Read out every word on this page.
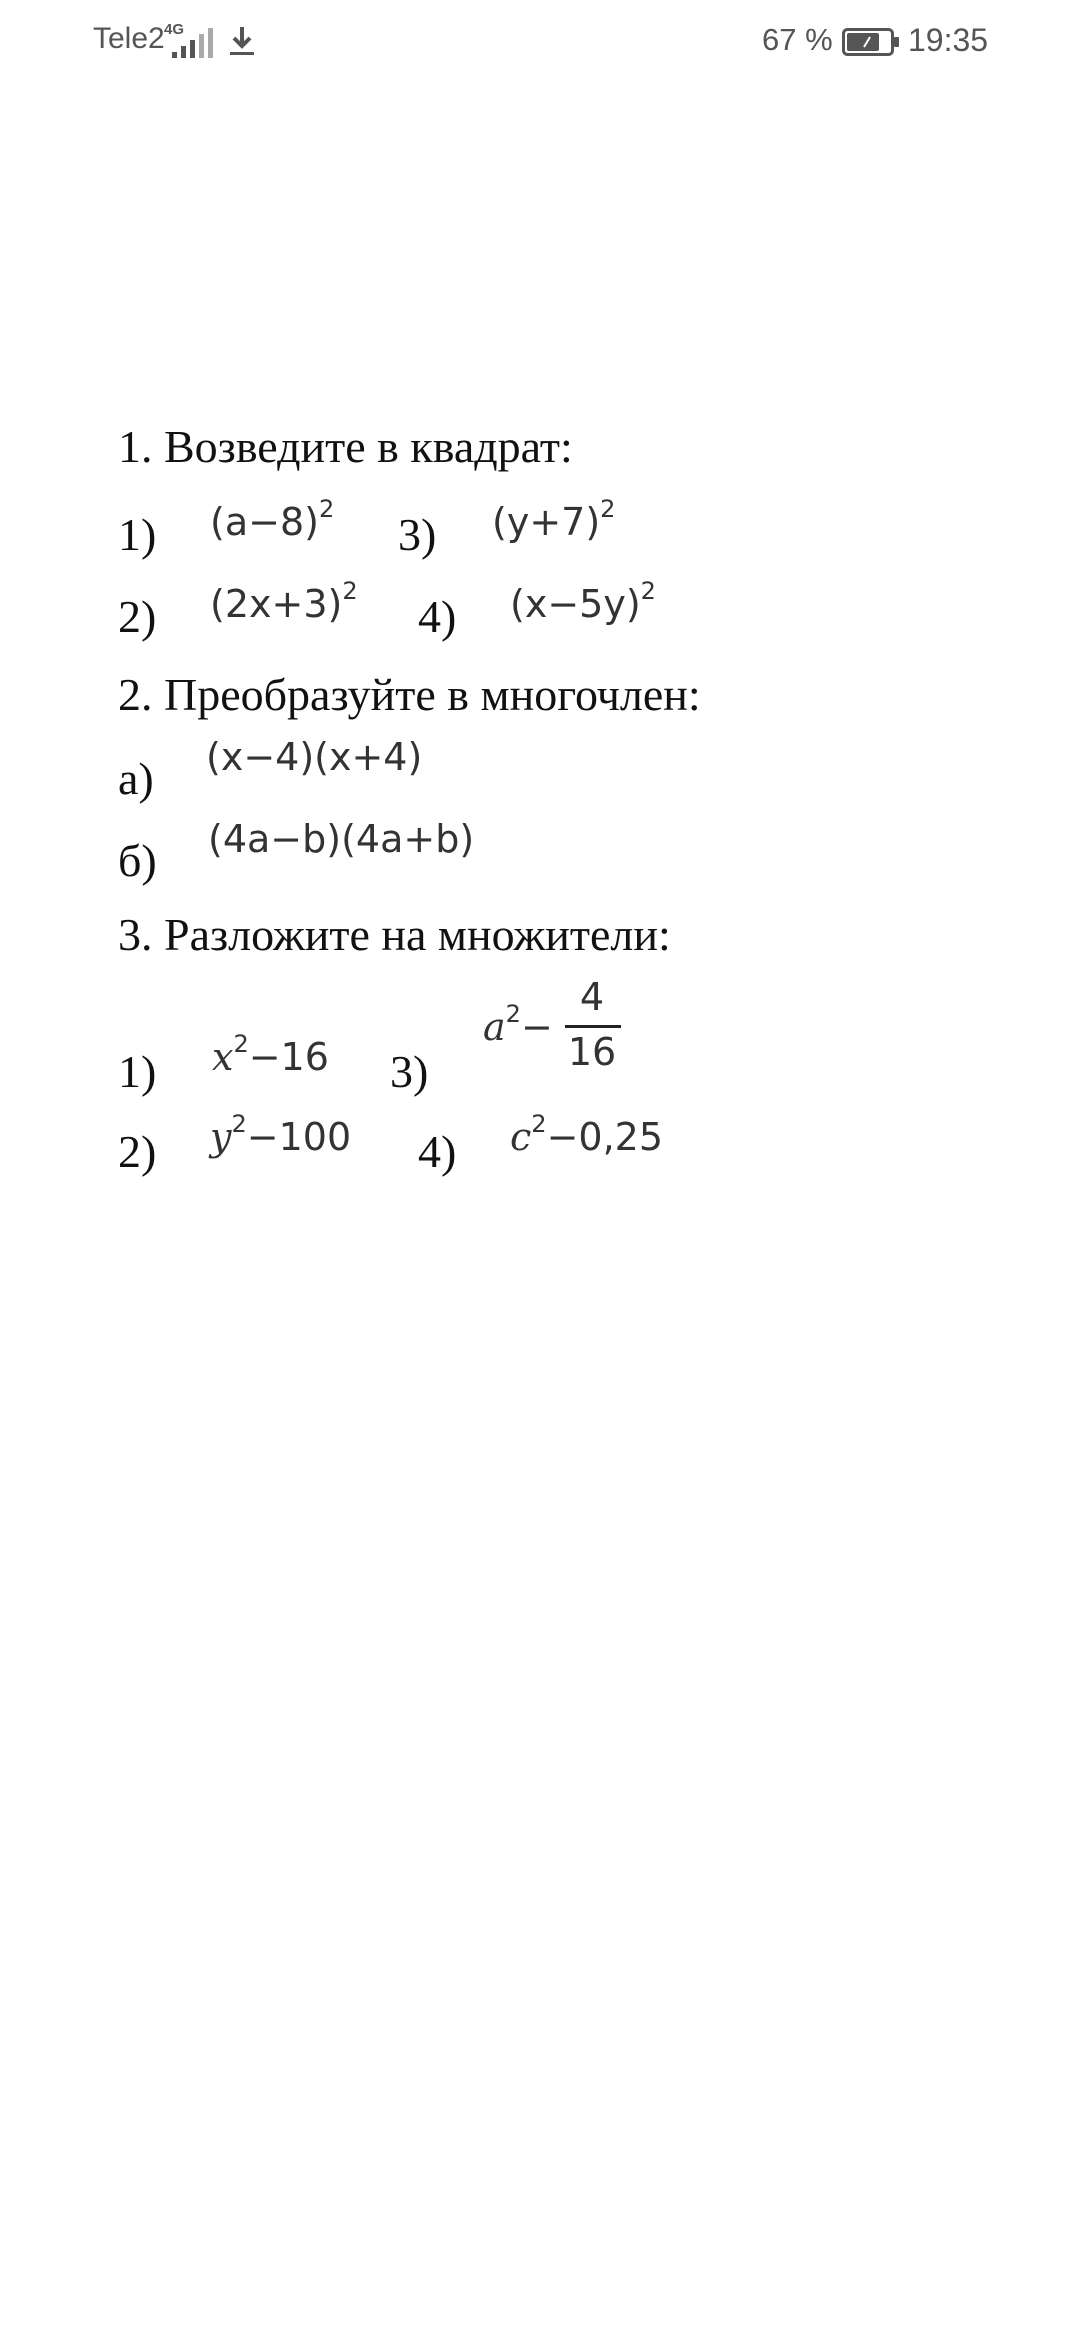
Tele2 4G	67 % 19:35
1. Возведите в квадрат:
1) $(a-8)^2$ 3) $(y+7)^2$
2) $(2x+3)^2$ 4) $(x-5y)^2$
2. Преобразуйте в многочлен:
а) (x−4)(x+4)
б) (4a−b)(4a+b)
3. Разложите на множители:
1) $x^2-16$ 3)
$a^2-$
4
16
2) $y^2-100$ 4) $c^2-0,25$
